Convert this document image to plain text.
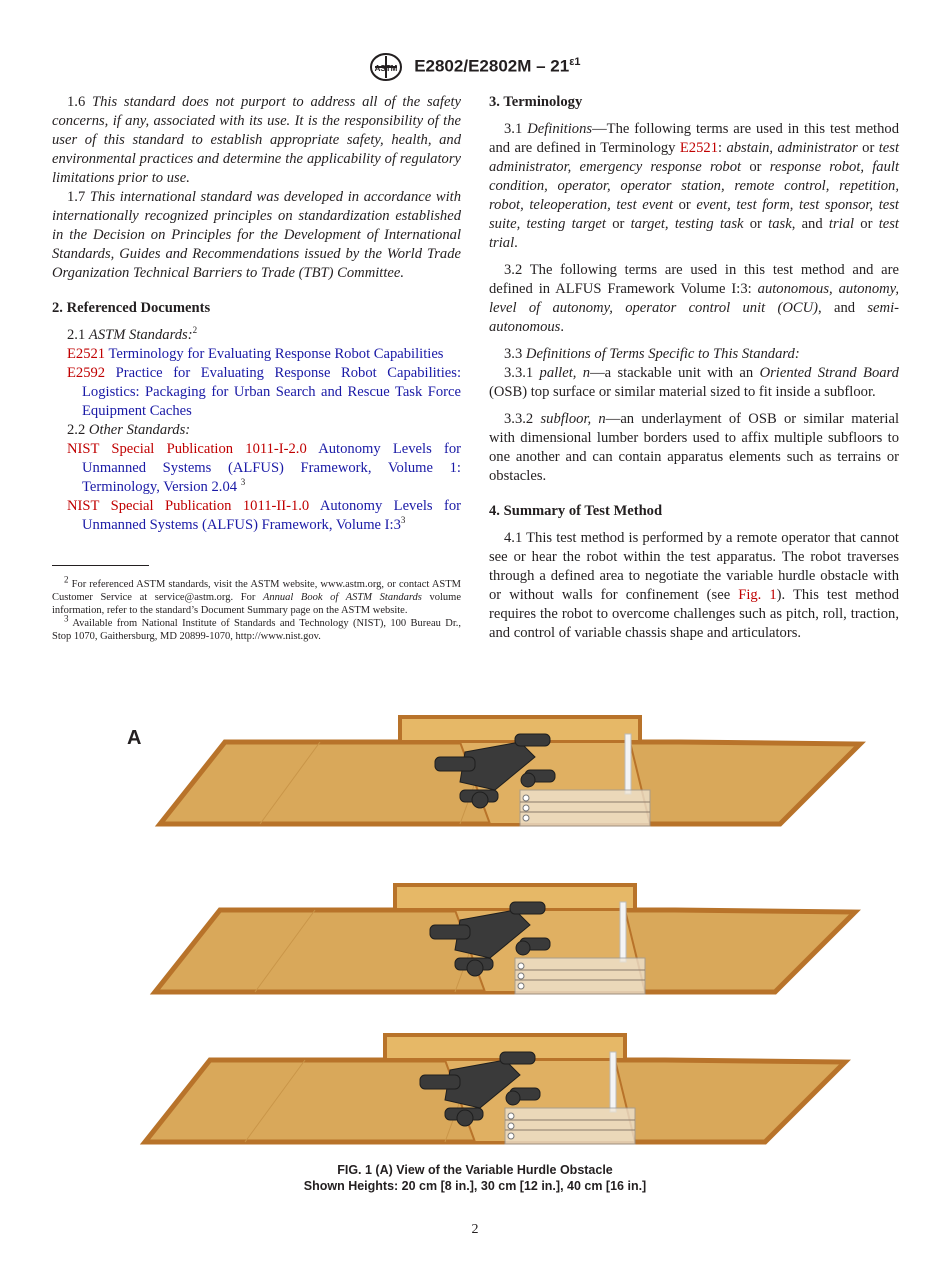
ASTM $E2802/E2802M - 21^{\varepsilon 1}$

1.6 This standard does not purport to address all of the safety concerns, if any, associated with its use. It is the responsibility of the user of this standard to establish appropriate safety, health, and environmental practices and determine the applicability of regulatory limitations prior to use.

1.7 This international standard was developed in accordance with internationally recognized principles on standardization established in the Decision on Principles for the Development of International Standards, Guides and Recommendations issued by the World Trade Organization Technical Barriers to Trade (TBT) Committee.

2. Referenced Documents

2.1 ASTM Standards:$^2$

E2521 Terminology for Evaluating Response Robot Capabilities

E2592 Practice for Evaluating Response Robot Capabilities: Logistics: Packaging for Urban Search and Rescue Task Force Equipment Caches

2.2 Other Standards:

NIST Special Publication 1011-I-2.0 Autonomy Levels for Unmanned Systems (ALFUS) Framework, Volume 1: Terminology, Version 2.04 $^3$

NIST Special Publication 1011-II-1.0 Autonomy Levels for Unmanned Systems (ALFUS) Framework, Volume $I:3^3$

$^2$ For referenced ASTM standards, visit the ASTM website, www.astm.org, or contact ASTM Customer Service at service@astm.org. For Annual Book of ASTM Standards volume information, refer to the standard’s Document Summary page on the ASTM website.

$^3$ Available from National Institute of Standards and Technology (NIST), 100 Bureau Dr., Stop 1070, Gaithersburg, MD 20899-1070, http://www.nist.gov.

3. Terminology

3.1 Definitions—The following terms are used in this test method and are defined in Terminology E2521: abstain, administrator or test administrator, emergency response robot or response robot, fault condition, operator, operator station, remote control, repetition, robot, teleoperation, test event or event, test form, test sponsor, test suite, testing target or target, testing task or task, and trial or test trial.

3.2 The following terms are used in this test method and are defined in ALFUS Framework Volume I:3: autonomous, autonomy, level of autonomy, operator control unit (OCU), and semi-autonomous.

3.3 Definitions of Terms Specific to This Standard:

3.3.1 pallet, n—a stackable unit with an Oriented Strand Board (OSB) top surface or similar material sized to fit inside a subfloor.

3.3.2 subfloor, n—an underlayment of OSB or similar material with dimensional lumber borders used to affix multiple subfloors to one another and can contain apparatus elements such as terrains or obstacles.

4. Summary of Test Method

4.1 This test method is performed by a remote operator that cannot see or hear the robot within the test apparatus. The robot traverses through a defined area to negotiate the variable hurdle obstacle with or without walls for confinement (see Fig. 1). This test method requires the robot to overcome challenges such as pitch, roll, traction, and control of variable chassis shape and articulators.

A
FIG. 1 (A) View of the Variable Hurdle Obstacle
Shown Heights: 20 cm [8 in.], 30 cm [12 in.], 40 cm [16 in.]
2
